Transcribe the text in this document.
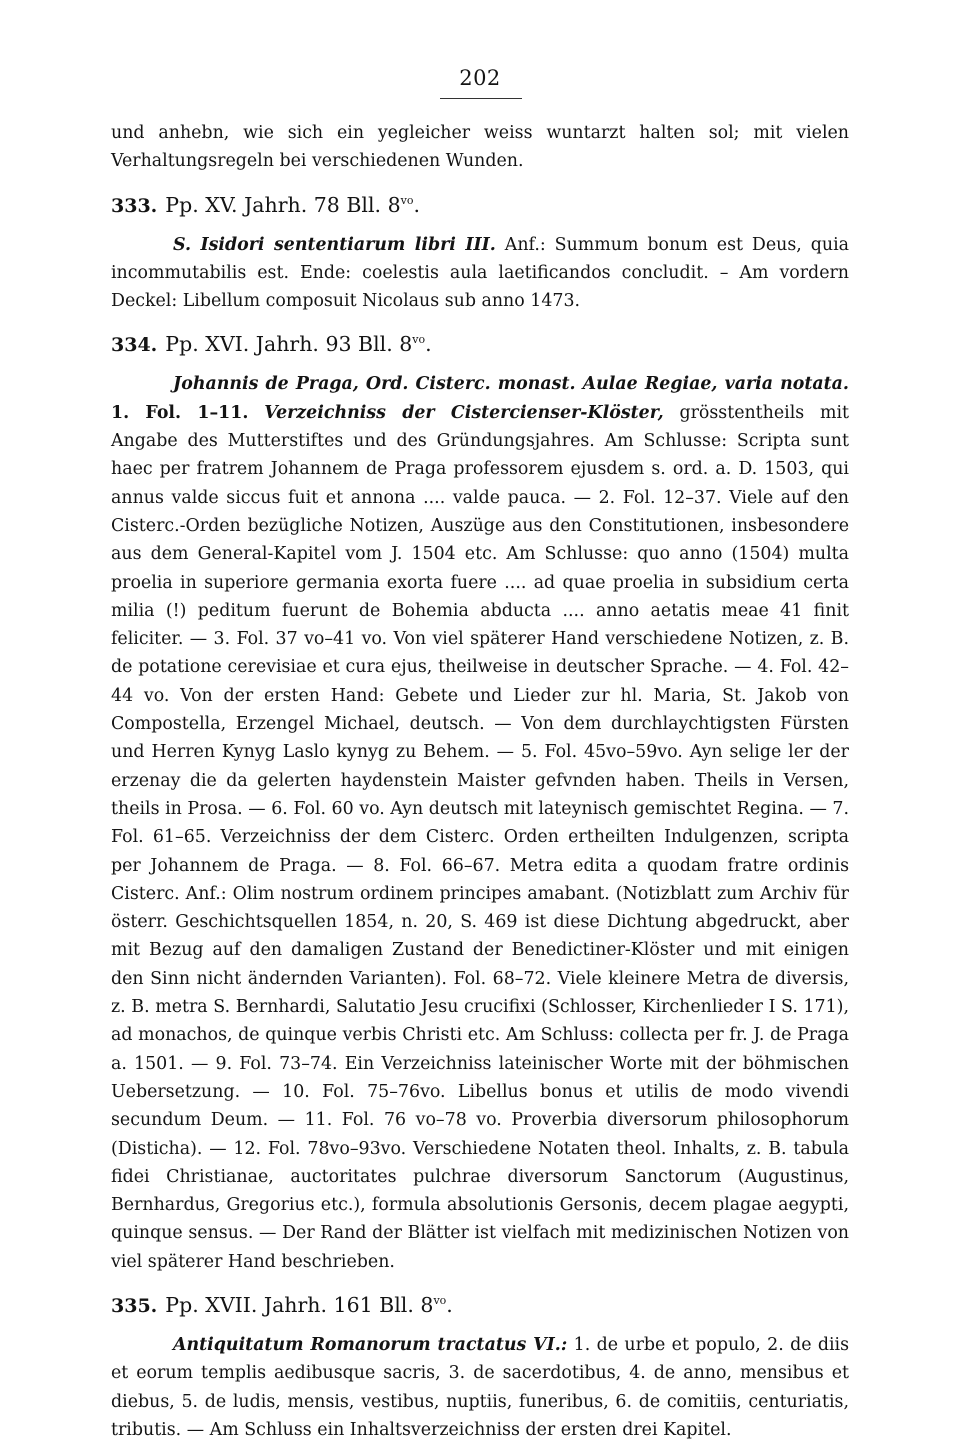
202

und anhebn, wie sich ein yegleicher weiss wuntarzt halten sol; mit vielen Verhaltungsregeln bei verschiedenen Wunden.

333. Pp. XV. Jahrh. 78 Bll. $8^{vo}$.

S. Isidori sententiarum libri III. Anf.: Summum bonum est Deus, quia incommutabilis est. Ende: coelestis aula laetificandos concludit. – Am vordern Deckel: Libellum composuit Nicolaus sub anno 1473.

334. Pp. XVI. Jahrh. 93 Bll. $8^{vo}$.

Johannis de Praga, Ord. Cisterc. monast. Aulae Regiae, varia notata. 1. Fol. 1–11. Verzeichniss der Cistercienser-Klöster, grösstentheils mit Angabe des Mutterstiftes und des Gründungsjahres. Am Schlusse: Scripta sunt haec per fratrem Johannem de Praga professorem ejusdem s. ord. a. D. 1503, qui annus valde siccus fuit et annona .... valde pauca. — 2. Fol. 12–37. Viele auf den Cisterc.-Orden bezügliche Notizen, Auszüge aus den Constitutionen, insbesondere aus dem General-Kapitel vom J. 1504 etc. Am Schlusse: quo anno (1504) multa proelia in superiore germania exorta fuere .... ad quae proelia in subsidium certa milia (!) peditum fuerunt de Bohemia abducta .... anno aetatis meae 41 finit feliciter. — 3. Fol. 37 vo–41 vo. Von viel späterer Hand verschiedene Notizen, z. B. de potatione cerevisiae et cura ejus, theilweise in deutscher Sprache. — 4. Fol. 42–44 vo. Von der ersten Hand: Gebete und Lieder zur hl. Maria, St. Jakob von Compostella, Erzengel Michael, deutsch. — Von dem durchlaychtigsten Fürsten und Herren Kynyg Laslo kynyg zu Behem. — 5. Fol. 45vo–59vo. Ayn selige ler der erzenay die da gelerten haydenstein Maister gefvnden haben. Theils in Versen, theils in Prosa. — 6. Fol. 60 vo. Ayn deutsch mit lateynisch gemischtet Regina. — 7. Fol. 61–65. Verzeichniss der dem Cisterc. Orden ertheilten Indulgenzen, scripta per Johannem de Praga. — 8. Fol. 66–67. Metra edita a quodam fratre ordinis Cisterc. Anf.: Olim nostrum ordinem principes amabant. (Notizblatt zum Archiv für österr. Geschichtsquellen 1854, n. 20, S. 469 ist diese Dichtung abgedruckt, aber mit Bezug auf den damaligen Zustand der Benedictiner-Klöster und mit einigen den Sinn nicht ändernden Varianten). Fol. 68–72. Viele kleinere Metra de diversis, z. B. metra S. Bernhardi, Salutatio Jesu crucifixi (Schlosser, Kirchenlieder I S. 171), ad monachos, de quinque verbis Christi etc. Am Schluss: collecta per fr. J. de Praga a. 1501. — 9. Fol. 73–74. Ein Verzeichniss lateinischer Worte mit der böhmischen Uebersetzung. — 10. Fol. 75–76vo. Libellus bonus et utilis de modo vivendi secundum Deum. — 11. Fol. 76 vo–78 vo. Proverbia diversorum philosophorum (Disticha). — 12. Fol. 78vo–93vo. Verschiedene Notaten theol. Inhalts, z. B. tabula fidei Christianae, auctoritates pulchrae diversorum Sanctorum (Augustinus, Bernhardus, Gregorius etc.), formula absolutionis Gersonis, decem plagae aegypti, quinque sensus. — Der Rand der Blätter ist vielfach mit medizinischen Notizen von viel späterer Hand beschrieben.

335. Pp. XVII. Jahrh. 161 Bll. $8^{vo}$.

Antiquitatum Romanorum tractatus VI.: 1. de urbe et populo, 2. de diis et eorum templis aedibusque sacris, 3. de sacerdotibus, 4. de anno, mensibus et diebus, 5. de ludis, mensis, vestibus, nuptiis, funeribus, 6. de comitiis, centuriatis, tributis. — Am Schluss ein Inhaltsverzeichniss der ersten drei Kapitel.
